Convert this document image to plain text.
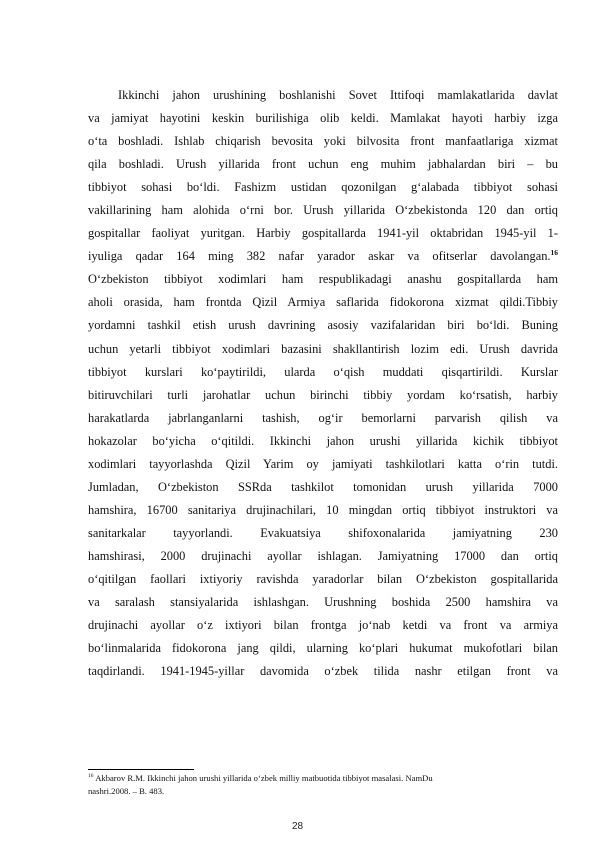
Ikkinchi jahon urushining boshlanishi Sovet Ittifoqi mamlakatlarida davlat
va jamiyat hayotini keskin burilishiga olib keldi. Mamlakat hayoti harbiy izga
o‘ta boshladi. Ishlab chiqarish bevosita yoki bilvosita front manfaatlariga xizmat
qila boshladi. Urush yillarida front uchun eng muhim jabhalardan biri – bu
tibbiyot sohasi bo‘ldi. Fashizm ustidan qozonilgan g‘alabada tibbiyot sohasi
vakillarining ham alohida o‘rni bor. Urush yillarida O‘zbekistonda 120 dan ortiq
gospitallar faoliyat yuritgan. Harbiy gospitallarda 1941-yil oktabridan 1945-yil 1-
iyuliga qadar 164 ming 382 nafar yarador askar va ofitserlar davolangan.$^{16}$
O‘zbekiston tibbiyot xodimlari ham respublikadagi anashu gospitallarda ham
aholi orasida, ham frontda Qizil Armiya saflarida fidokorona xizmat qildi.Tibbiy
yordamni tashkil etish urush davrining asosiy vazifalaridan biri bo‘ldi. Buning
uchun yetarli tibbiyot xodimlari bazasini shakllantirish lozim edi. Urush davrida
tibbiyot kurslari ko‘paytirildi, ularda o‘qish muddati qisqartirildi. Kurslar
bitiruvchilari turli jarohatlar uchun birinchi tibbiy yordam ko‘rsatish, harbiy
harakatlarda jabrlanganlarni tashish, og‘ir bemorlarni parvarish qilish va
hokazolar bo‘yicha o‘qitildi. Ikkinchi jahon urushi yillarida kichik tibbiyot
xodimlari tayyorlashda Qizil Yarim oy jamiyati tashkilotlari katta o‘rin tutdi.
Jumladan, O‘zbekiston SSRda tashkilot tomonidan urush yillarida 7000
hamshira, 16700 sanitariya drujinachilari, 10 mingdan ortiq tibbiyot instruktori va
sanitarkalar tayyorlandi. Evakuatsiya shifoxonalarida jamiyatning 230
hamshirasi, 2000 drujinachi ayollar ishlagan. Jamiyatning 17000 dan ortiq
o‘qitilgan faollari ixtiyoriy ravishda yaradorlar bilan O‘zbekiston gospitallarida
va saralash stansiyalarida ishlashgan. Urushning boshida 2500 hamshira va
drujinachi ayollar o‘z ixtiyori bilan frontga jo‘nab ketdi va front va armiya
bo‘linmalarida fidokorona jang qildi, ularning ko‘plari hukumat mukofotlari bilan
taqdirlandi. 1941-1945-yillar davomida o‘zbek tilida nashr etilgan front va
$^{16}$ Akbarov R.M. Ikkinchi jahon urushi yillarida o‘zbek milliy matbuotida tibbiyot masalasi. NamDu
nashri.2008. – B. 483.
28
